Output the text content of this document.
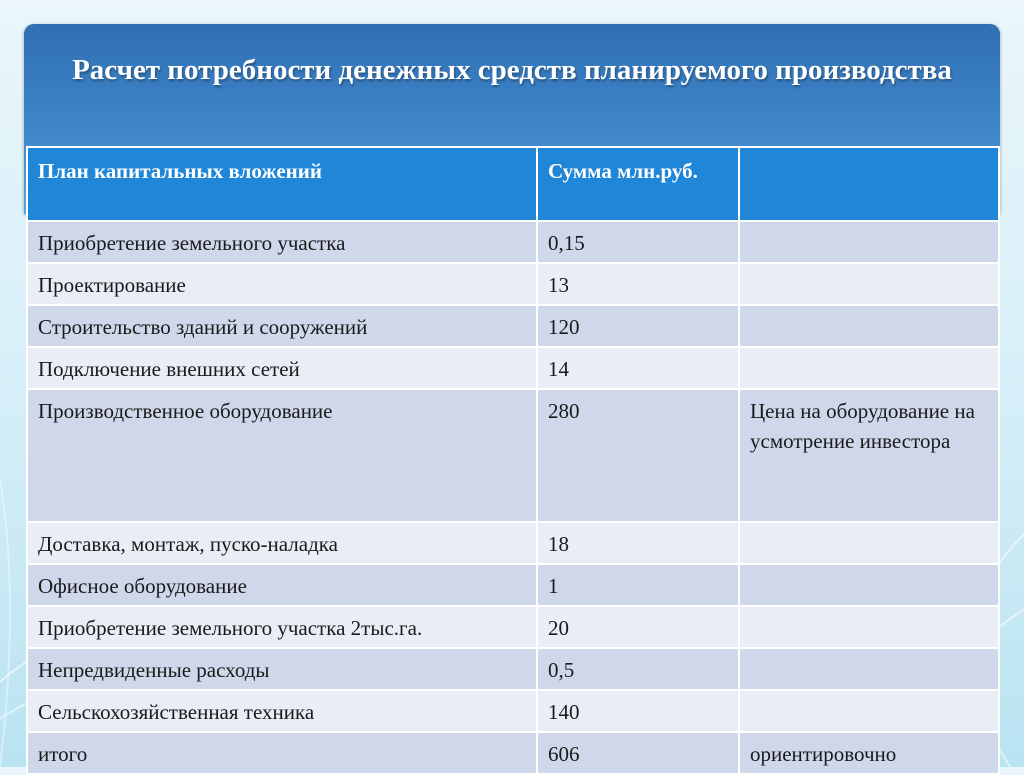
Расчет потребности денежных средств планируемого производства
План капитальных вложений	Сумма млн.руб.	
Приобретение земельного участка	0,15	
Проектирование	13	
Строительство зданий и сооружений	120	
Подключение внешних сетей	14	
Производственное оборудование	280	Цена на оборудование на усмотрение инвестора
Доставка, монтаж, пуско-наладка	18	
Офисное оборудование	1	
Приобретение земельного участка 2тыс.га.	20	
Непредвиденные расходы	0,5	
Сельскохозяйственная техника	140	
итого	606	ориентировочно
